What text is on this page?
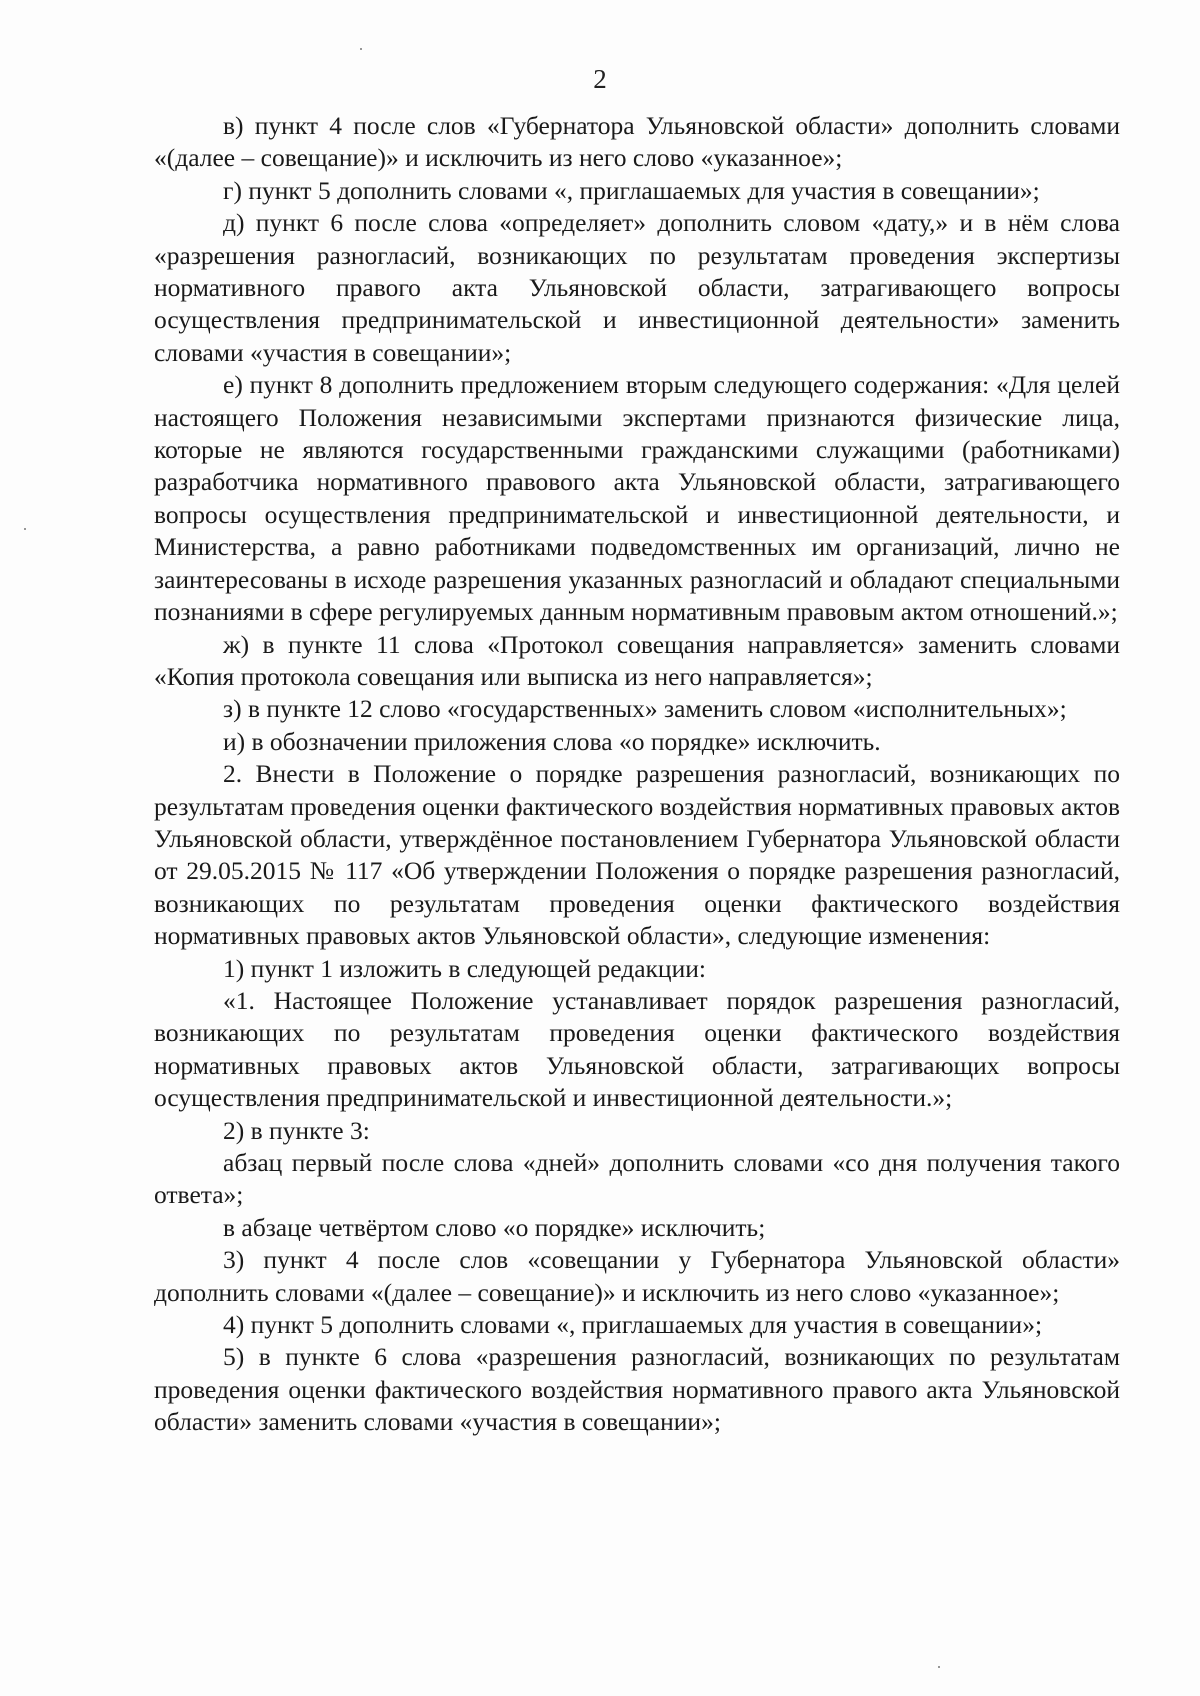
2

в) пункт 4 после слов «Губернатора Ульяновской области» дополнить словами «(далее – совещание)» и исключить из него слово «указанное»;

г) пункт 5 дополнить словами «, приглашаемых для участия в совещании»;

д) пункт 6 после слова «определяет» дополнить словом «дату,» и в нём слова «разрешения разногласий, возникающих по результатам проведения экспертизы нормативного правого акта Ульяновской области, затрагивающего вопросы осуществления предпринимательской и инвестиционной деятельности» заменить словами «участия в совещании»;

е) пункт 8 дополнить предложением вторым следующего содержания: «Для целей настоящего Положения независимыми экспертами признаются физические лица, которые не являются государственными гражданскими служащими (работниками) разработчика нормативного правового акта Ульяновской области, затрагивающего вопросы осуществления предпринимательской и инвестиционной деятельности, и Министерства, а равно работниками подведомственных им организаций, лично не заинтересованы в исходе разрешения указанных разногласий и обладают специальными познаниями в сфере регулируемых данным нормативным правовым актом отношений.»;

ж) в пункте 11 слова «Протокол совещания направляется» заменить словами «Копия протокола совещания или выписка из него направляется»;

з) в пункте 12 слово «государственных» заменить словом «исполнительных»;

и) в обозначении приложения слова «о порядке» исключить.

2. Внести в Положение о порядке разрешения разногласий, возникающих по результатам проведения оценки фактического воздействия нормативных правовых актов Ульяновской области, утверждённое постановлением Губернатора Ульяновской области от 29.05.2015 № 117 «Об утверждении Положения о порядке разрешения разногласий, возникающих по результатам проведения оценки фактического воздействия нормативных правовых актов Ульяновской области», следующие изменения:

1) пункт 1 изложить в следующей редакции:

«1. Настоящее Положение устанавливает порядок разрешения разногласий, возникающих по результатам проведения оценки фактического воздействия нормативных правовых актов Ульяновской области, затрагивающих вопросы осуществления предпринимательской и инвестиционной деятельности.»;

2) в пункте 3:

абзац первый после слова «дней» дополнить словами «со дня получения такого ответа»;

в абзаце четвёртом слово «о порядке» исключить;

3) пункт 4 после слов «совещании у Губернатора Ульяновской области» дополнить словами «(далее – совещание)» и исключить из него слово «указанное»;

4) пункт 5 дополнить словами «, приглашаемых для участия в совещании»;

5) в пункте 6 слова «разрешения разногласий, возникающих по результатам проведения оценки фактического воздействия нормативного правого акта Ульяновской области» заменить словами «участия в совещании»;
